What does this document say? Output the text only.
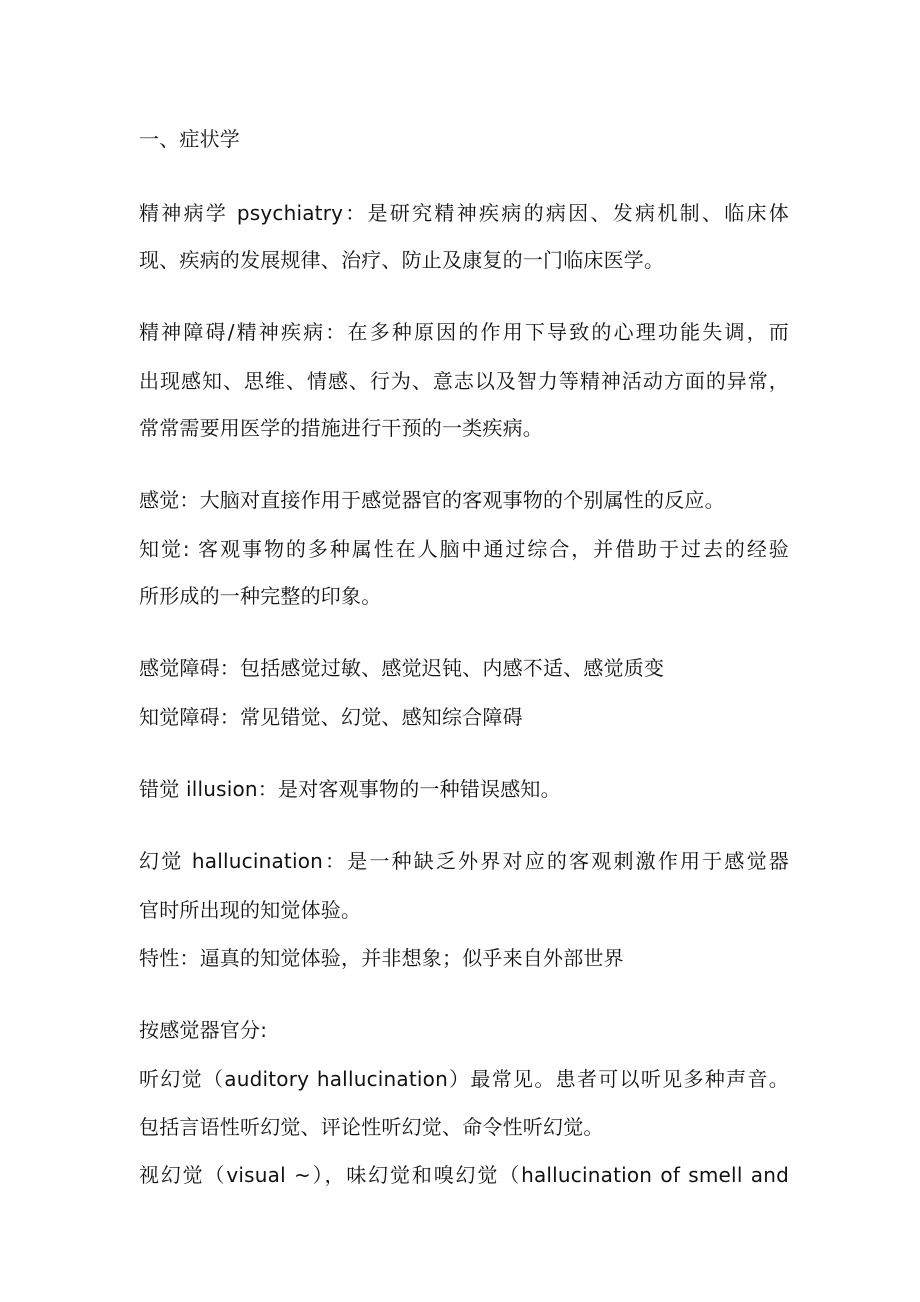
一、症状学
精神病学 psychiatry：是研究精神疾病的病因、发病机制、临床体
现、疾病的发展规律、治疗、防止及康复的一门临床医学。
精神障碍/精神疾病：在多种原因的作用下导致的心理功能失调，而
出现感知、思维、情感、行为、意志以及智力等精神活动方面的异常，
常常需要用医学的措施进行干预的一类疾病。
感觉：大脑对直接作用于感觉器官的客观事物的个别属性的反应。
知觉: 客观事物的多种属性在人脑中通过综合，并借助于过去的经验
所形成的一种完整的印象。
感觉障碍：包括感觉过敏、感觉迟钝、内感不适、感觉质变
知觉障碍：常见错觉、幻觉、感知综合障碍
错觉 illusion：是对客观事物的一种错误感知。
幻觉 hallucination：是一种缺乏外界对应的客观刺激作用于感觉器
官时所出现的知觉体验。
特性：逼真的知觉体验，并非想象；似乎来自外部世界
按感觉器官分:
听幻觉（auditory hallucination）最常见。患者可以听见多种声音。
包括言语性听幻觉、评论性听幻觉、命令性听幻觉。
视幻觉（visual ~），味幻觉和嗅幻觉（hallucination of smell and
